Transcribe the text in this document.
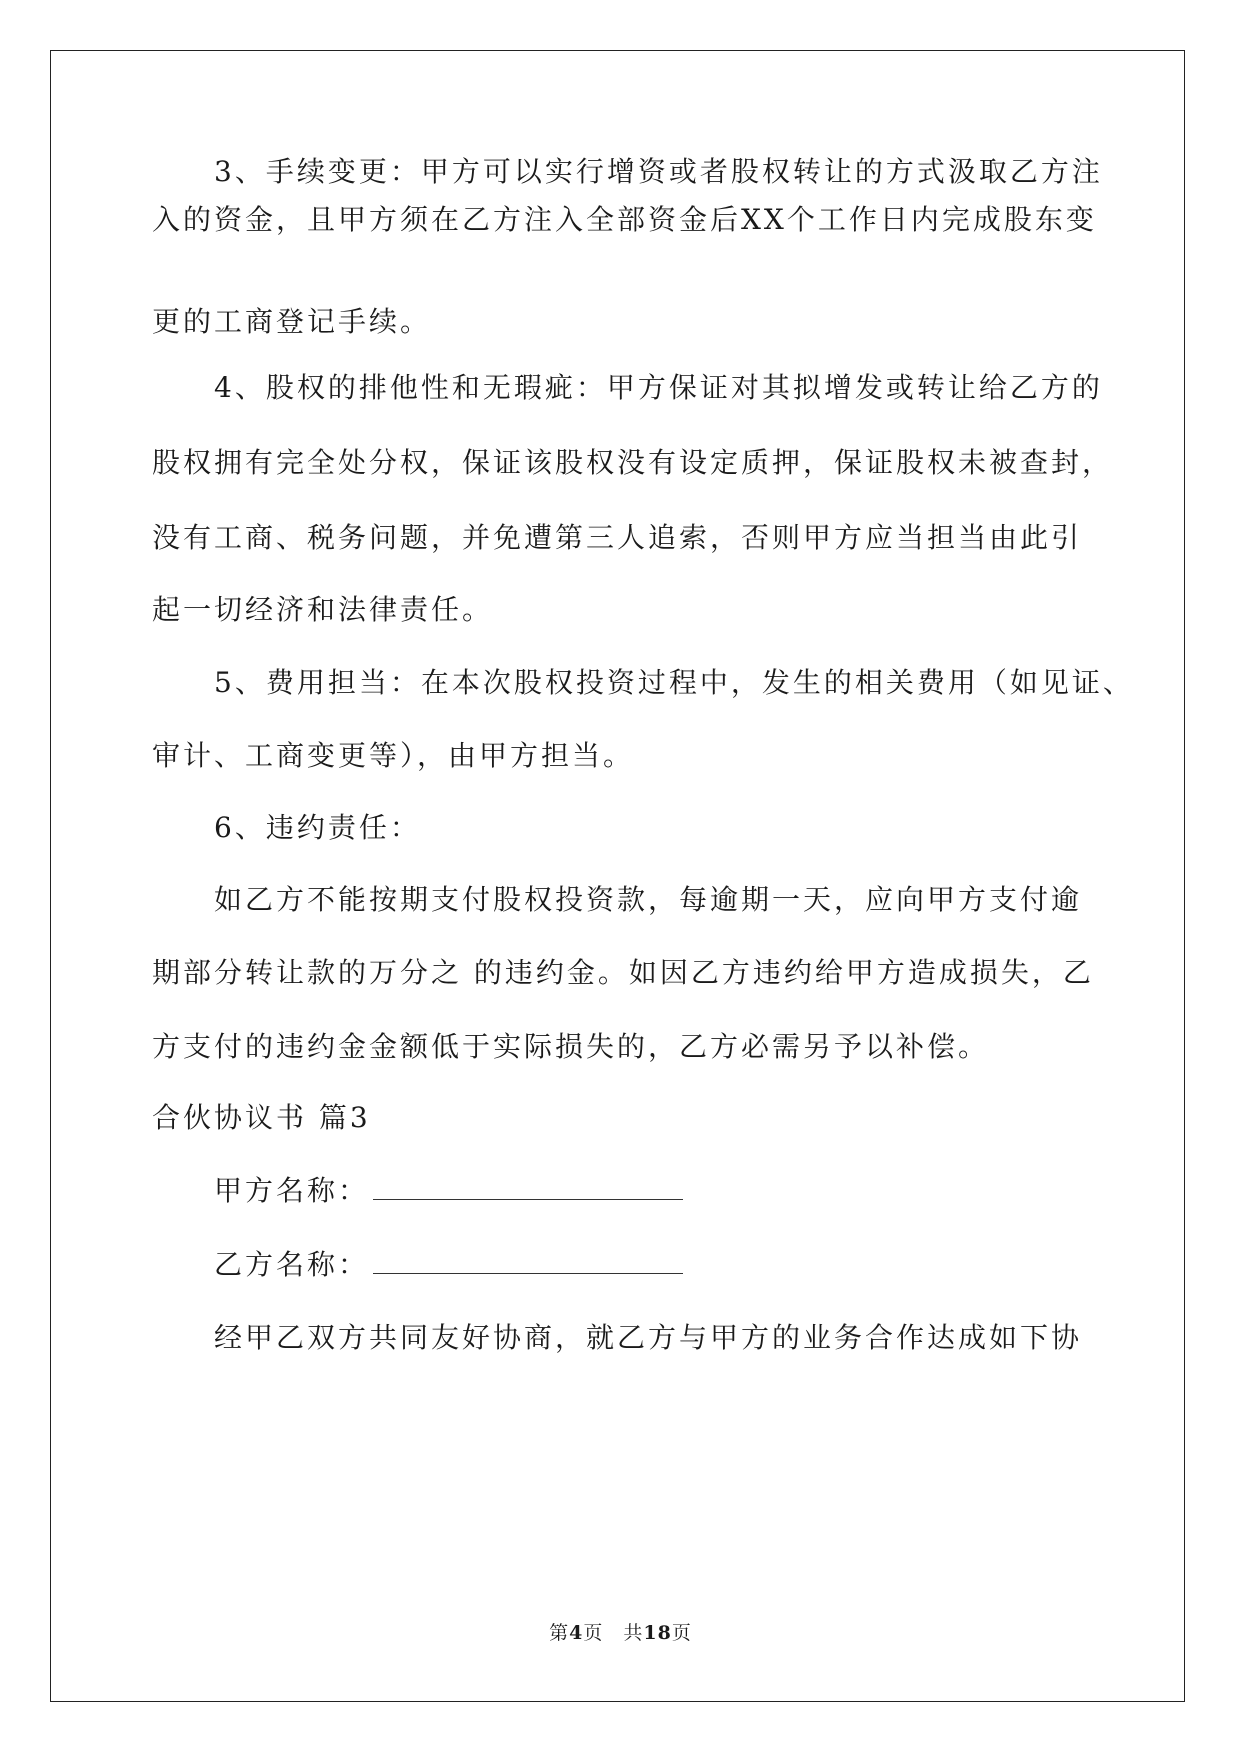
3、手续变更：甲方可以实行增资或者股权转让的方式汲取乙方注
入的资金，且甲方须在乙方注入全部资金后XX个工作日内完成股东变
更的工商登记手续。
4、股权的排他性和无瑕疵：甲方保证对其拟增发或转让给乙方的
股权拥有完全处分权，保证该股权没有设定质押，保证股权未被查封，
没有工商、税务问题，并免遭第三人追索，否则甲方应当担当由此引
起一切经济和法律责任。
5、费用担当：在本次股权投资过程中，发生的相关费用（如见证、
审计、工商变更等），由甲方担当。
6、违约责任：
如乙方不能按期支付股权投资款，每逾期一天，应向甲方支付逾
期部分转让款的万分之 的违约金。如因乙方违约给甲方造成损失，乙
方支付的违约金金额低于实际损失的，乙方必需另予以补偿。
合伙协议书 篇3
甲方名称：
乙方名称：
经甲乙双方共同友好协商，就乙方与甲方的业务合作达成如下协
第4页　共18页
